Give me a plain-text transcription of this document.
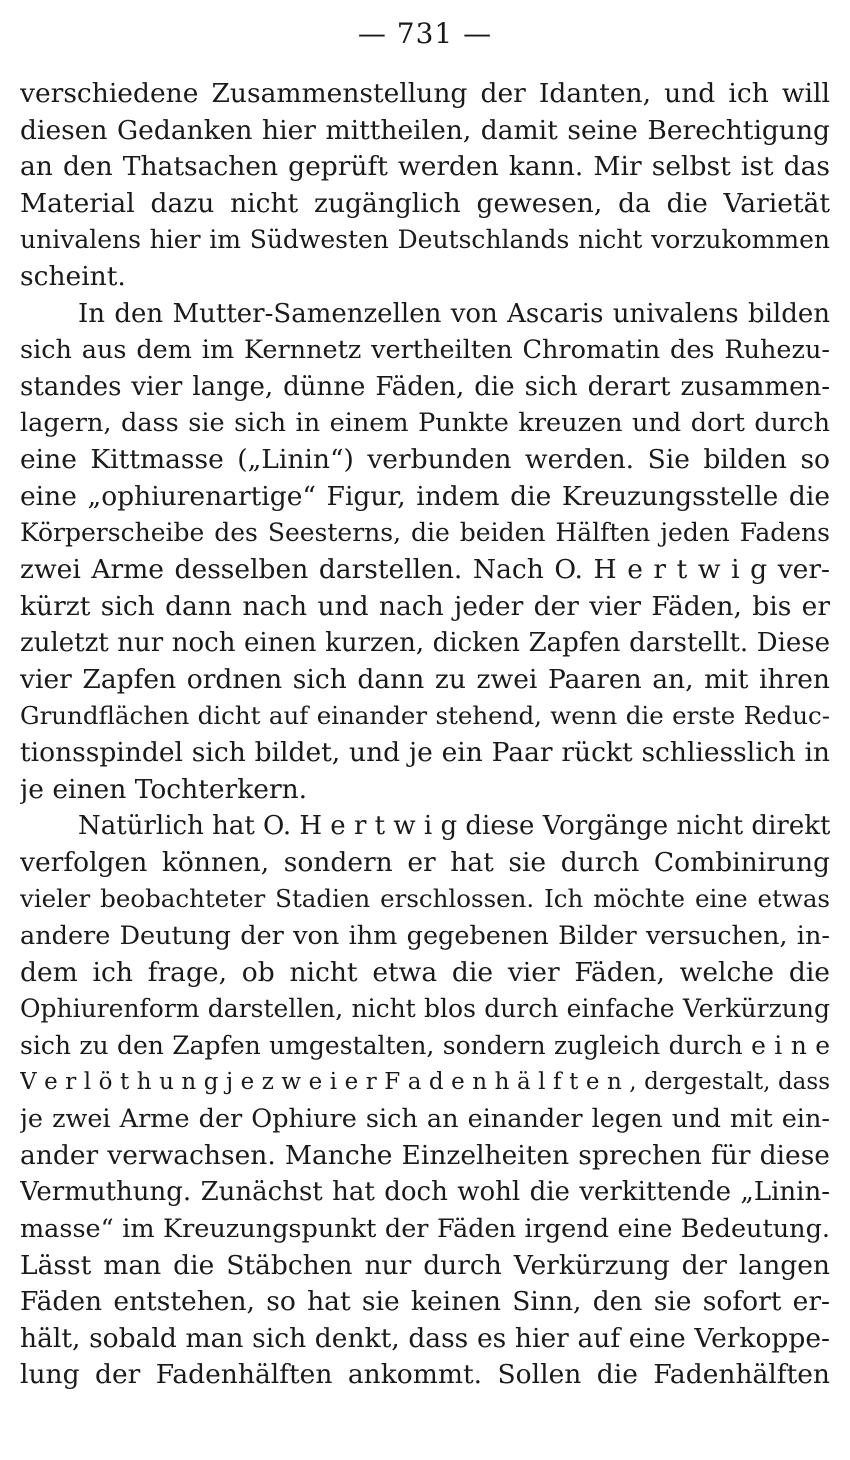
— 731 —
verschiedene Zusammenstellung der Idanten, und ich will
diesen Gedanken hier mittheilen, damit seine Berechtigung
an den Thatsachen geprüft werden kann. Mir selbst ist das
Material dazu nicht zugänglich gewesen, da die Varietät
univalens hier im Südwesten Deutschlands nicht vorzukommen
scheint.
In den Mutter-Samenzellen von Ascaris univalens bilden
sich aus dem im Kernnetz vertheilten Chromatin des Ruhezu-
standes vier lange, dünne Fäden, die sich derart zusammen-
lagern, dass sie sich in einem Punkte kreuzen und dort durch
eine Kittmasse („Linin“) verbunden werden. Sie bilden so
eine „ophiurenartige“ Figur, indem die Kreuzungsstelle die
Körperscheibe des Seesterns, die beiden Hälften jeden Fadens
zwei Arme desselben darstellen. Nach O. H e r t w i g ver-
kürzt sich dann nach und nach jeder der vier Fäden, bis er
zuletzt nur noch einen kurzen, dicken Zapfen darstellt. Diese
vier Zapfen ordnen sich dann zu zwei Paaren an, mit ihren
Grundflächen dicht auf einander stehend, wenn die erste Reduc-
tionsspindel sich bildet, und je ein Paar rückt schliesslich in
je einen Tochterkern.
Natürlich hat O. H e r t w i g diese Vorgänge nicht direkt
verfolgen können, sondern er hat sie durch Combinirung
vieler beobachteter Stadien erschlossen. Ich möchte eine etwas
andere Deutung der von ihm gegebenen Bilder versuchen, in-
dem ich frage, ob nicht etwa die vier Fäden, welche die
Ophiurenform darstellen, nicht blos durch einfache Verkürzung
sich zu den Zapfen umgestalten, sondern zugleich durch e i n e
V e r l ö t h u n g j e z w e i e r F a d e n h ä l f t e n , dergestalt, dass
je zwei Arme der Ophiure sich an einander legen und mit ein-
ander verwachsen. Manche Einzelheiten sprechen für diese
Vermuthung. Zunächst hat doch wohl die verkittende „Linin-
masse“ im Kreuzungspunkt der Fäden irgend eine Bedeutung.
Lässt man die Stäbchen nur durch Verkürzung der langen
Fäden entstehen, so hat sie keinen Sinn, den sie sofort er-
hält, sobald man sich denkt, dass es hier auf eine Verkoppe-
lung der Fadenhälften ankommt. Sollen die Fadenhälften
